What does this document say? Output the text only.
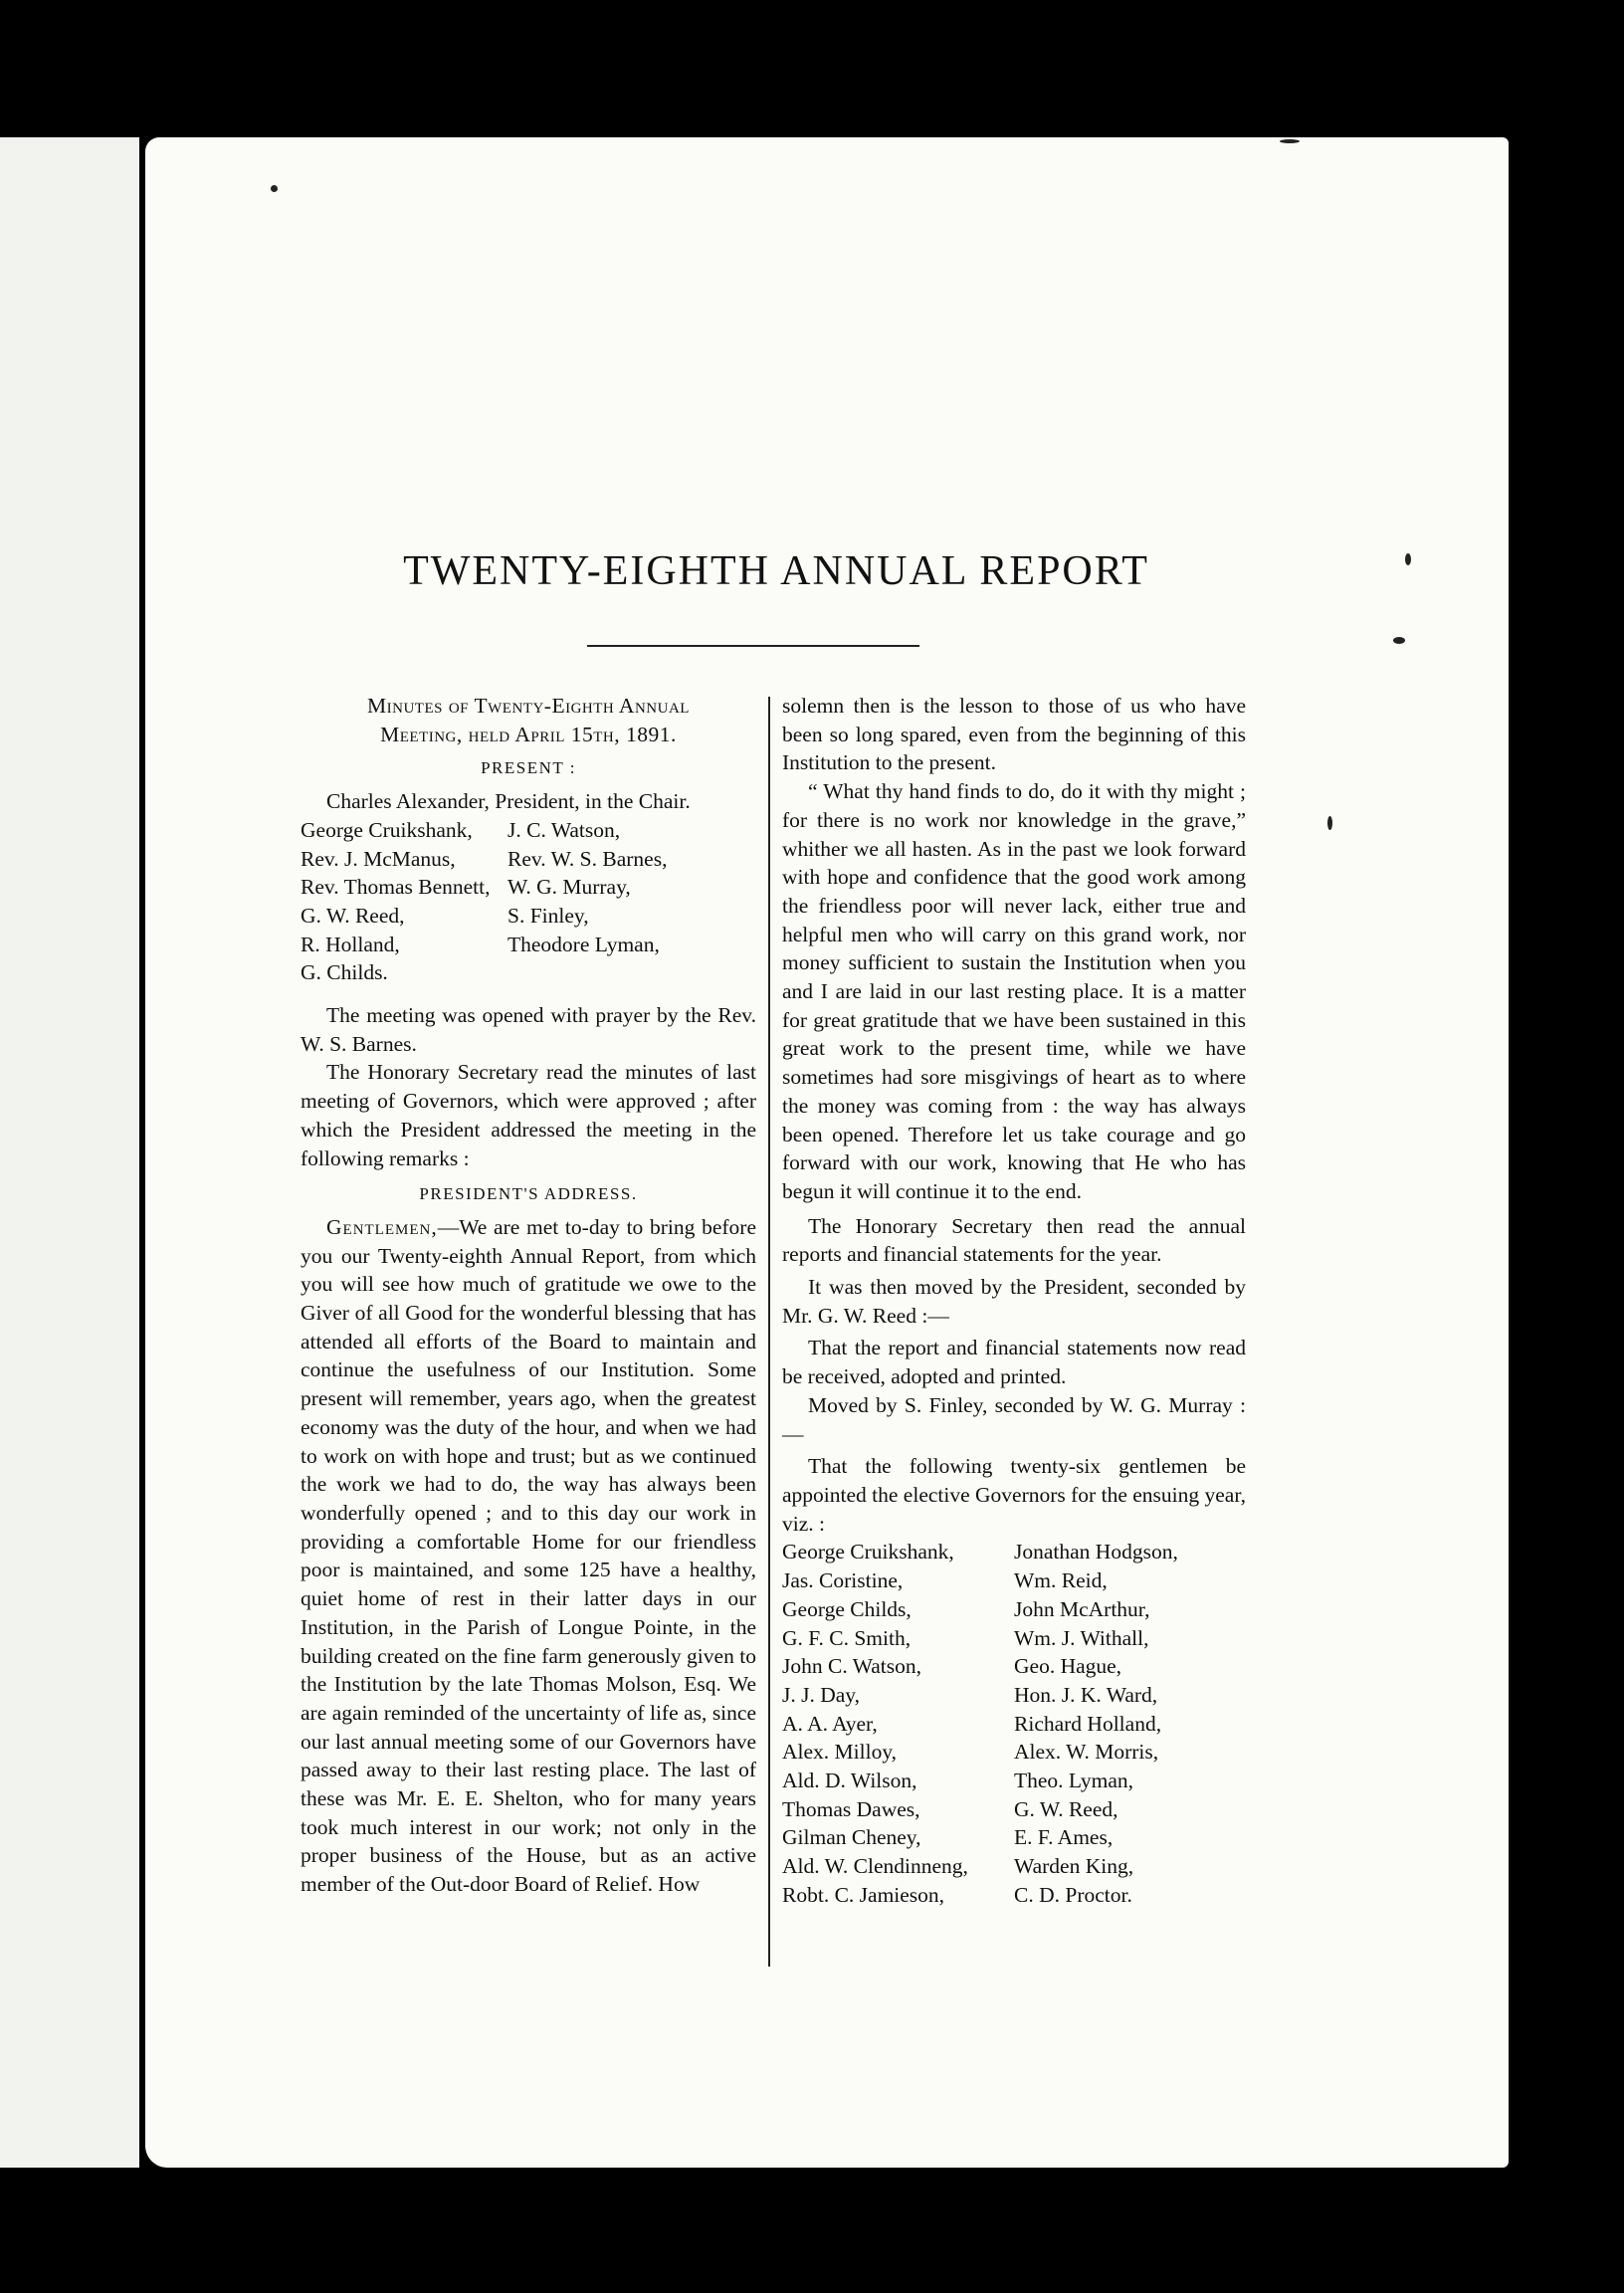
TWENTY-EIGHTH ANNUAL REPORT
Minutes of Twenty-Eighth Annual
Meeting, held April 15th, 1891.

PRESENT :

Charles Alexander, President, in the Chair.

George Cruikshank,	J. C. Watson,
Rev. J. McManus,	Rev. W. S. Barnes,
Rev. Thomas Bennett, W. G. Murray,
G. W. Reed,	S. Finley,
R. Holland,	Theodore Lyman,
G. Childs.

The meeting was opened with prayer by the Rev. W. S. Barnes.

The Honorary Secretary read the minutes of last meeting of Governors, which were approved ; after which the President addressed the meeting in the following remarks :

PRESIDENT'S ADDRESS.

Gentlemen,—We are met to-day to bring before you our Twenty-eighth Annual Report, from which you will see how much of gratitude we owe to the Giver of all Good for the wonderful blessing that has attended all efforts of the Board to maintain and continue the usefulness of our Institution. Some present will remember, years ago, when the greatest economy was the duty of the hour, and when we had to work on with hope and trust; but as we continued the work we had to do, the way has always been wonderfully opened ; and to this day our work in providing a comfortable Home for our friendless poor is maintained, and some 125 have a healthy, quiet home of rest in their latter days in our Institution, in the Parish of Longue Pointe, in the building created on the fine farm generously given to the Institution by the late Thomas Molson, Esq. We are again reminded of the uncertainty of life as, since our last annual meeting some of our Governors have passed away to their last resting place. The last of these was Mr. E. E. Shelton, who for many years took much interest in our work; not only in the proper business of the House, but as an active member of the Out-door Board of Relief. How

solemn then is the lesson to those of us who have been so long spared, even from the beginning of this Institution to the present.

“ What thy hand finds to do, do it with thy might ; for there is no work nor knowledge in the grave,” whither we all hasten. As in the past we look forward with hope and confidence that the good work among the friendless poor will never lack, either true and helpful men who will carry on this grand work, nor money sufficient to sustain the Institution when you and I are laid in our last resting place. It is a matter for great gratitude that we have been sustained in this great work to the present time, while we have sometimes had sore misgivings of heart as to where the money was coming from : the way has always been opened. Therefore let us take courage and go forward with our work, knowing that He who has begun it will continue it to the end.

The Honorary Secretary then read the annual reports and financial statements for the year.

It was then moved by the President, seconded by Mr. G. W. Reed :—

That the report and financial statements now read be received, adopted and printed.

Moved by S. Finley, seconded by W. G. Murray :—

That the following twenty-six gentlemen be appointed the elective Governors for the ensuing year, viz. :

George Cruikshank,	Jonathan Hodgson,
Jas. Coristine,	Wm. Reid,
George Childs,	John McArthur,
G. F. C. Smith,	Wm. J. Withall,
John C. Watson,	Geo. Hague,
J. J. Day,	Hon. J. K. Ward,
A. A. Ayer,	Richard Holland,
Alex. Milloy,	Alex. W. Morris,
Ald. D. Wilson,	Theo. Lyman,
Thomas Dawes,	G. W. Reed,
Gilman Cheney,	E. F. Ames,
Ald. W. Clendinneng,	Warden King,
Robt. C. Jamieson,	C. D. Proctor.
